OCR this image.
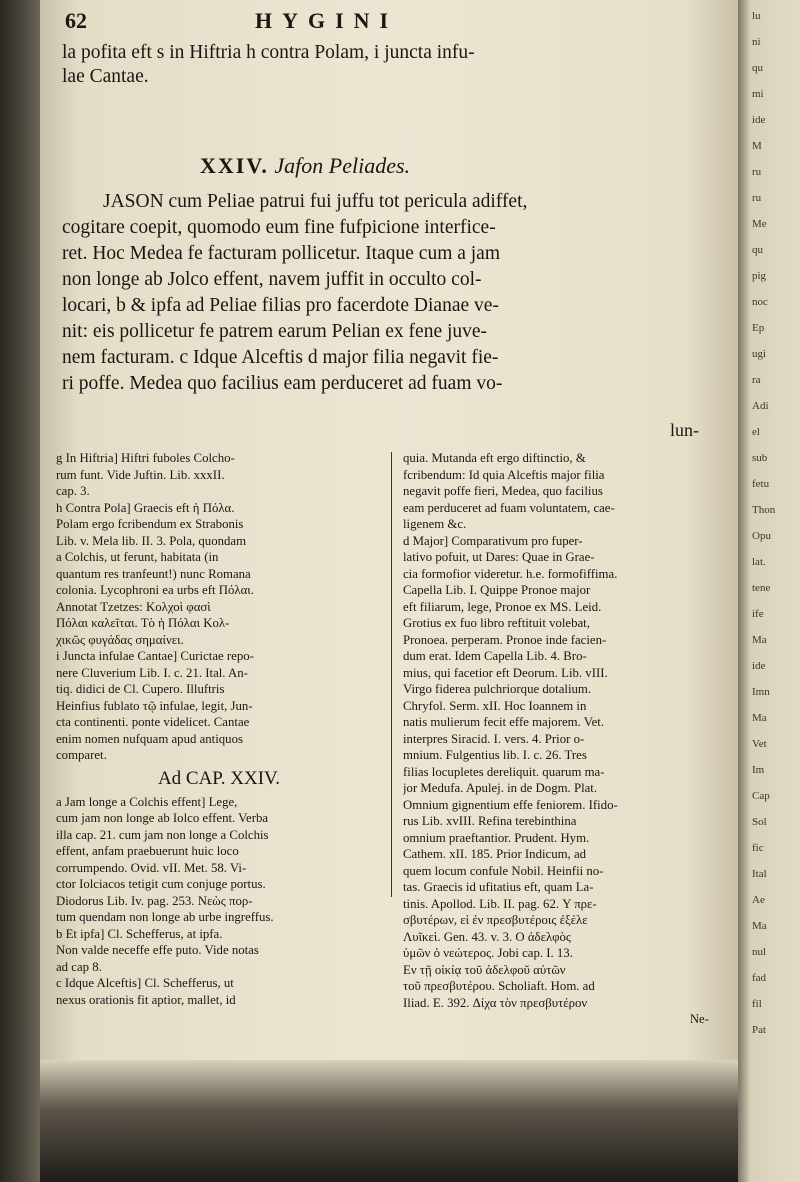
62	HYGINI
la pofita eft s in Hiftria h contra Polam, i juncta infu-
lae Cantae.
XXIV. Jafon Peliades.
JASON cum Peliae patrui fui juffu tot pericula adiffet,
cogitare coepit, quomodo eum fine fufpicione interfice-
ret. Hoc Medea fe facturam pollicetur. Itaque cum a jam
non longe ab Jolco effent, navem juffit in occulto col-
locari, b & ipfa ad Peliae filias pro facerdote Dianae ve-
nit: eis pollicetur fe patrem earum Pelian ex fene juve-
nem facturam. c Idque Alceftis d major filia negavit fie-
ri poffe. Medea quo facilius eam perduceret ad fuam vo-
lun-
g In Hiftria] Hiftri fuboles Colcho-
rum funt. Vide Juftin. Lib. xxxII.
cap. 3.
h Contra Pola] Graecis eft ἡ Πόλα.
Polam ergo fcribendum ex Strabonis
Lib. v. Mela lib. II. 3. Pola, quondam
a Colchis, ut ferunt, habitata (in
quantum res tranfeunt!) nunc Romana
colonia. Lycophroni ea urbs eft Πόλαι.
Annotat Tzetzes: Κολχοὶ φασὶ
Πόλαι καλεῖται. Τὸ ἡ Πόλαι Κολ-
χικῶς φυγάδας σημαίνει.
i Juncta infulae Cantae] Curictae repo-
nere Cluverium Lib. I. c. 21. Ital. An-
tiq. didici de Cl. Cupero. Illuftris
Heinfius fublato τῷ infulae, legit, Jun-
cta continenti. ponte videlicet. Cantae
enim nomen nufquam apud antiquos
comparet.
Ad CAP. XXIV.
a Jam longe a Colchis effent] Lege,
cum jam non longe ab Iolco effent. Verba
illa cap. 21. cum jam non longe a Colchis
effent, anfam praebuerunt huic loco
corrumpendo. Ovid. vII. Met. 58. Vi-
ctor Iolciacos tetigit cum conjuge portus.
Diodorus Lib. Iv. pag. 253. Νεὼς πορ-
tum quendam non longe ab urbe ingreffus.
b Et ipfa] Cl. Schefferus, at ipfa.
Non valde neceffe effe puto. Vide notas
ad cap 8.
c Idque Alceftis] Cl. Schefferus, ut
nexus orationis fit aptior, mallet, id
quia. Mutanda eft ergo diftinctio, &
fcribendum: Id quia Alceftis major filia
negavit poffe fieri, Medea, quo facilius
eam perduceret ad fuam voluntatem, cae-
ligenem &c.
d Major] Comparativum pro fuper-
lativo pofuit, ut Dares: Quae in Grae-
cia formofior videretur. h.e. formofiffima.
Capella Lib. I. Quippe Pronoe major
eft filiarum, lege, Pronoe ex MS. Leid.
Grotius ex fuo libro reftituit volebat,
Pronoea. perperam. Pronoe inde facien-
dum erat. Idem Capella Lib. 4. Bro-
mius, qui facetior eft Deorum. Lib. vIII.
Virgo fiderea pulchriorque dotalium.
Chryfol. Serm. xII. Hoc Ioannem in
natis mulierum fecit effe majorem. Vet.
interpres Siracid. I. vers. 4. Prior o-
mnium. Fulgentius lib. I. c. 26. Tres
filias locupletes dereliquit. quarum ma-
jor Medufa. Apulej. in de Dogm. Plat.
Omnium gignentium effe feniorem. Ifido-
rus Lib. xvIII. Refina terebinthina
omnium praeftantior. Prudent. Hym.
Cathem. xII. 185. Prior Indicum, ad
quem locum confule Nobil. Heinfii no-
tas. Graecis id ufitatius eft, quam La-
tinis. Apollod. Lib. II. pag. 62. Υ πρε-
σβυτέρων, εἰ ἐν πρεσβυτέροις ἐξέλε
Λυῖκεὶ. Gen. 43. v. 3. Ο ἀδελφὸς
ὑμῶν ὁ νεώτερος. Jobi cap. I. 13.
Εν τῇ οἰκίᾳ τοῦ ἀδελφοῦ αὐτῶν
τοῦ πρεσβυτέρου. Scholiaft. Hom. ad
Iliad. E. 392. Δίχα τὸν πρεσβυτέρον
Ne-
lu
ni
qu
mi
ide
M
ru
ru
Me
qu
pig
noc
Ep
ugi
ra
Adi
el
sub
fetu
Thon
Opu
lat.
tene
ife
Ma
ide
Imn
Ma
Vet
Im
Cap
Sol
fic
Ital
Ae
Ma
nul
fad
fil
Pat
